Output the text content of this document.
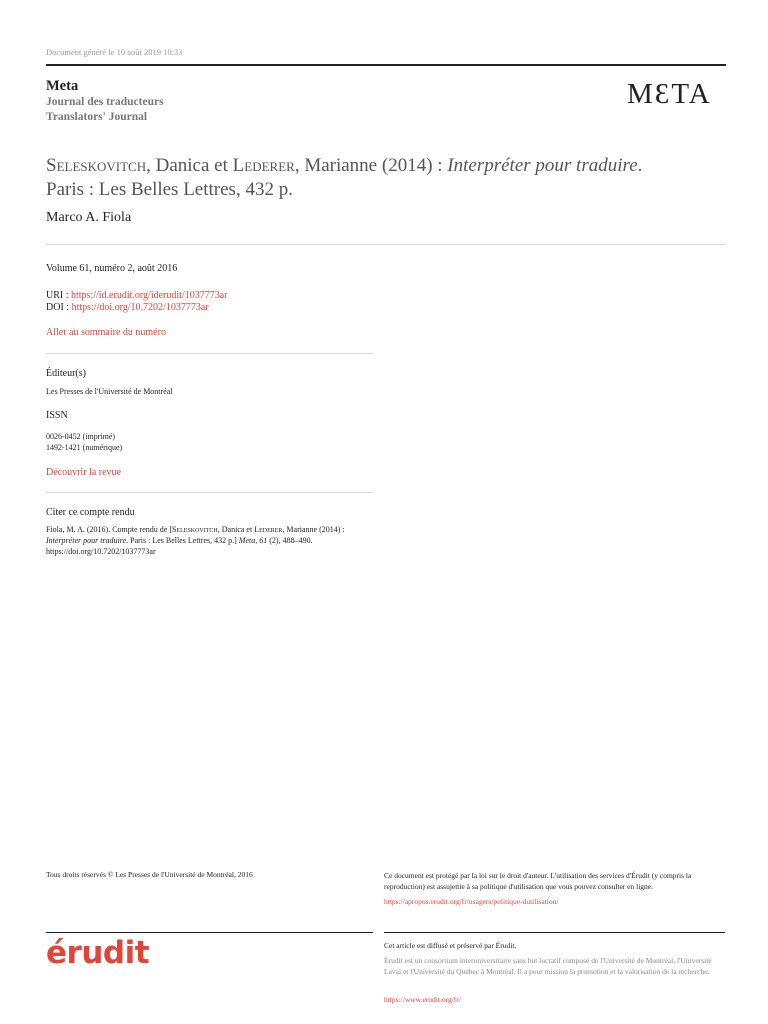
Document généré le 10 août 2019 10:33
Meta
Journal des traducteurs
Translators' Journal
MƐTA
Seleskovitch, Danica et Lederer, Marianne (2014) : Interpréter pour traduire. Paris : Les Belles Lettres, 432 p.
Marco A. Fiola
Volume 61, numéro 2, août 2016
URI : https://id.erudit.org/iderudit/1037773ar
DOI : https://doi.org/10.7202/1037773ar
Aller au sommaire du numéro
Éditeur(s)
Les Presses de l'Université de Montréal
ISSN
0026-0452 (imprimé)
1492-1421 (numérique)
Découvrir la revue
Citer ce compte rendu
Fiola, M. A. (2016). Compte rendu de [Seleskovitch, Danica et Lederer, Marianne (2014) : Interpréter pour traduire. Paris : Les Belles Lettres, 432 p.] Meta, 61 (2), 488–490.
https://doi.org/10.7202/1037773ar
Tous droits réservés © Les Presses de l'Université de Montréal, 2016	Ce document est protégé par la loi sur le droit d'auteur. L'utilisation des services d'Érudit (y compris la reproduction) est assujettie à sa politique d'utilisation que vous pouvez consulter en ligne.
https://apropos.erudit.org/fr/usagers/politique-dutilisation/
érudit	Cet article est diffusé et préservé par Érudit.
Érudit est un consortium interuniversitaire sans but lucratif composé de l'Université de Montréal, l'Université Laval et l'Université du Québec à Montréal. Il a pour mission la promotion et la valorisation de la recherche.
https://www.erudit.org/fr/
